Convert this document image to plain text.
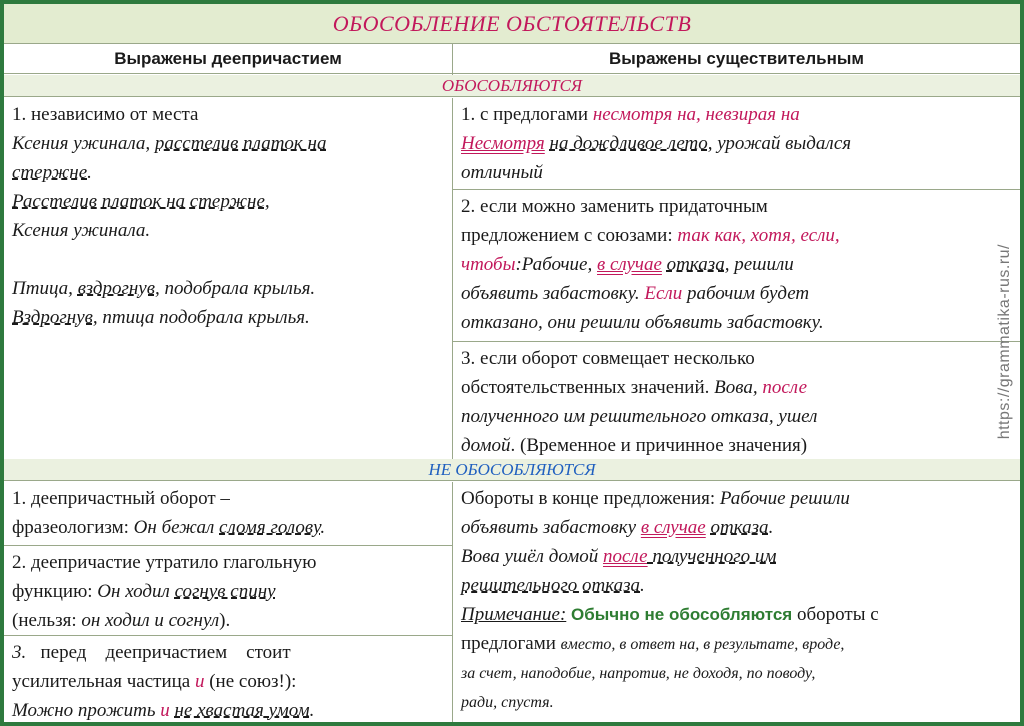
ОБОСОБЛЕНИЕ ОБСТОЯТЕЛЬСТВ
Выражены деепричастием	Выражены существительным
ОБОСОБЛЯЮТСЯ

1. независимо от места

Ксения ужинала, расстелив платок на

стержне.

Расстелив платок на стержне,

Ксения ужинала.

Птица, вздрогнув, подобрала крылья.

Вздрогнув, птица подобрала крылья.

1. с предлогами несмотря на, невзирая на

Несмотря на дождливое лето, урожай выдался

отличный

2. если можно заменить придаточным

предложением с союзами: так как, хотя, если,

чтобы:Рабочие, в случае отказа, решили

объявить забастовку. Если рабочим будет

отказано, они решили объявить забастовку.

3. если оборот совмещает несколько

обстоятельственных значений. Вова, после

полученного им решительного отказа, ушел

домой. (Временное и причинное значения)

НЕ ОБОСОБЛЯЮТСЯ

1. деепричастный оборот –

фразеологизм: Он бежал сломя голову.

2. деепричастие утратило глагольную

функцию: Он ходил согнув спину

(нельзя: он ходил и согнул).

3.   перед    деепричастием    стоит

усилительная частица и (не союз!):

Можно прожить и не хвастая умом.

Обороты в конце предложения: Рабочие решили

объявить забастовку в случае отказа.

Вова ушёл домой после полученного им

решительного отказа.

Примечание: Обычно не обособляются обороты с

предлогами вместо, в ответ на, в результате, вроде,

за счет, наподобие, напротив, не доходя, по поводу,

ради, спустя.

https://grammatika-rus.ru/
